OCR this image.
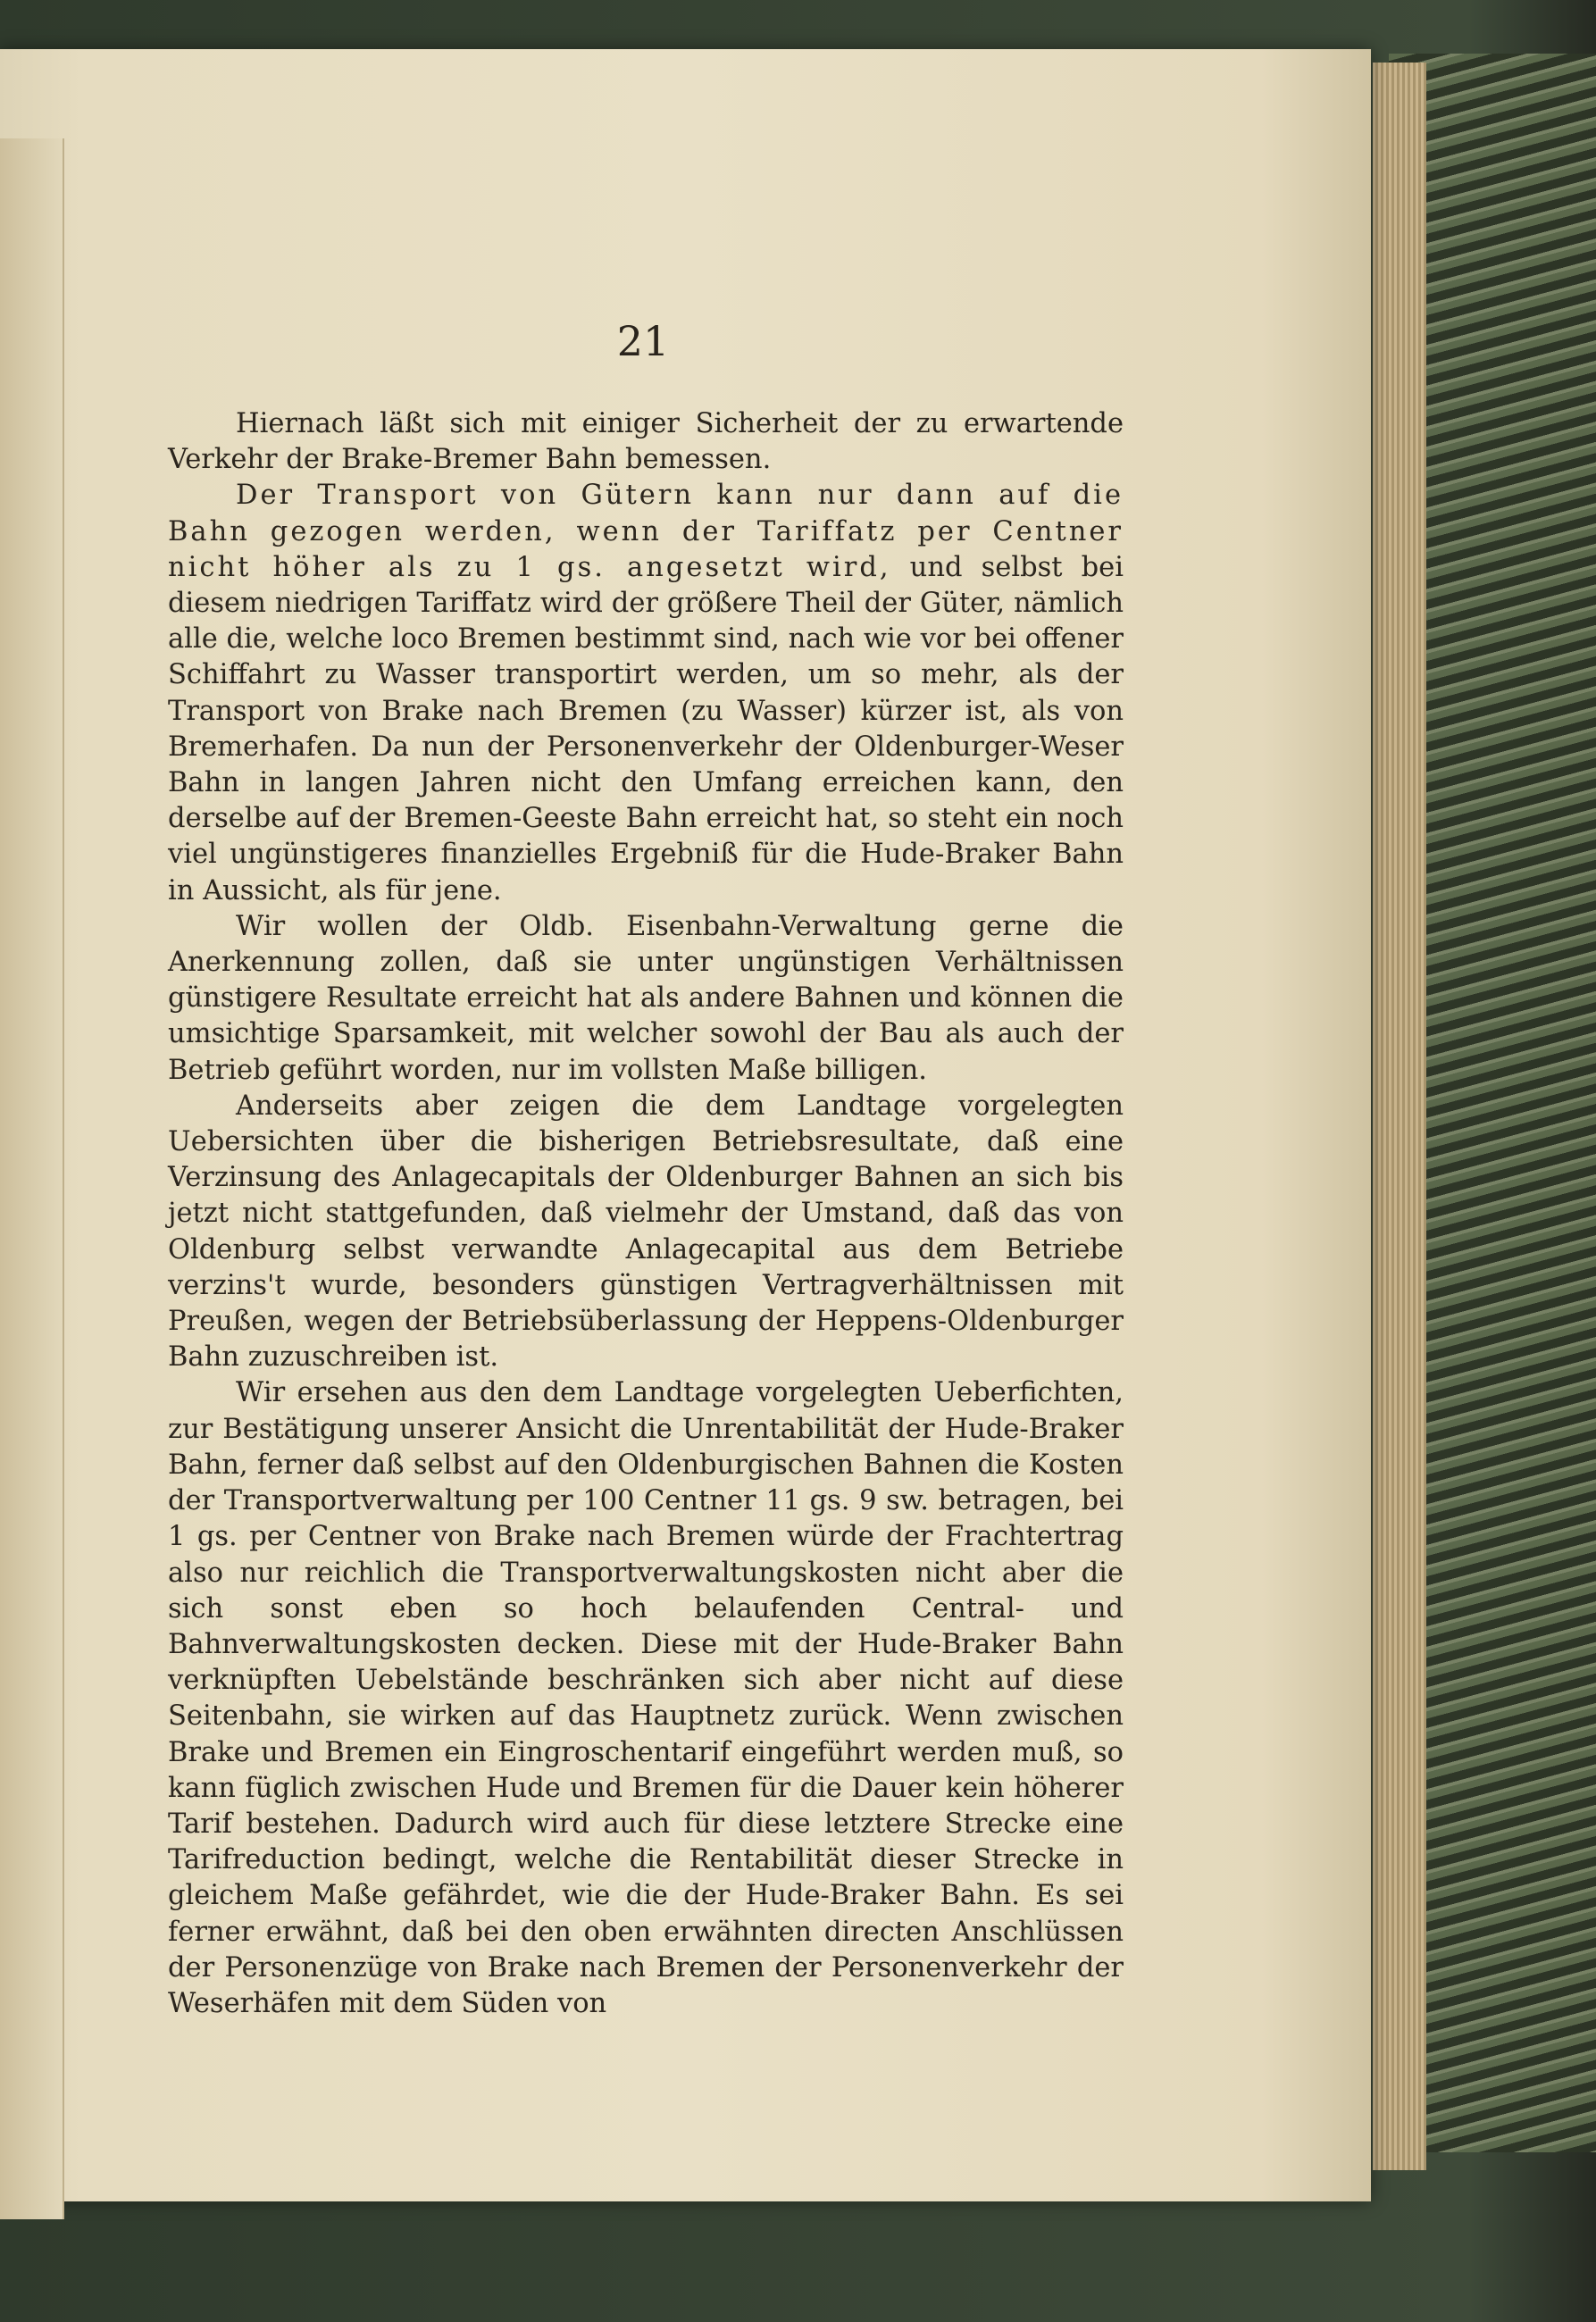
21

Hiernach läßt sich mit einiger Sicherheit der zu erwartende Verkehr der Brake-Bremer Bahn bemessen.

Der Transport von Gütern kann nur dann auf die Bahn gezogen werden, wenn der Tariffatz per Centner nicht höher als zu 1 gs. angesetzt wird, und selbst bei diesem niedrigen Tariffatz wird der größere Theil der Güter, nämlich alle die, welche loco Bremen bestimmt sind, nach wie vor bei offener Schiffahrt zu Wasser transportirt werden, um so mehr, als der Transport von Brake nach Bremen (zu Wasser) kürzer ist, als von Bremerhafen. Da nun der Personenverkehr der Oldenburger-Weser Bahn in langen Jahren nicht den Umfang erreichen kann, den derselbe auf der Bremen-Geeste Bahn erreicht hat, so steht ein noch viel ungünstigeres finanzielles Ergebniß für die Hude-Braker Bahn in Aussicht, als für jene.

Wir wollen der Oldb. Eisenbahn-Verwaltung gerne die Anerkennung zollen, daß sie unter ungünstigen Verhältnissen günstigere Resultate erreicht hat als andere Bahnen und können die umsichtige Sparsamkeit, mit welcher sowohl der Bau als auch der Betrieb geführt worden, nur im vollsten Maße billigen.

Anderseits aber zeigen die dem Landtage vorgelegten Uebersichten über die bisherigen Betriebsresultate, daß eine Verzinsung des Anlagecapitals der Oldenburger Bahnen an sich bis jetzt nicht stattgefunden, daß vielmehr der Umstand, daß das von Oldenburg selbst verwandte Anlagecapital aus dem Betriebe verzins't wurde, besonders günstigen Vertragverhältnissen mit Preußen, wegen der Betriebsüberlassung der Heppens-Oldenburger Bahn zuzuschreiben ist.

Wir ersehen aus den dem Landtage vorgelegten Ueberfichten, zur Bestätigung unserer Ansicht die Unrentabilität der Hude-Braker Bahn, ferner daß selbst auf den Oldenburgischen Bahnen die Kosten der Transportverwaltung per 100 Centner 11 gs. 9 sw. betragen, bei 1 gs. per Centner von Brake nach Bremen würde der Frachtertrag also nur reichlich die Transportverwaltungskosten nicht aber die sich sonst eben so hoch belaufenden Central- und Bahnverwaltungskosten decken. Diese mit der Hude-Braker Bahn verknüpften Uebelstände beschränken sich aber nicht auf diese Seitenbahn, sie wirken auf das Hauptnetz zurück. Wenn zwischen Brake und Bremen ein Eingroschentarif eingeführt werden muß, so kann füglich zwischen Hude und Bremen für die Dauer kein höherer Tarif bestehen. Dadurch wird auch für diese letztere Strecke eine Tarifreduction bedingt, welche die Rentabilität dieser Strecke in gleichem Maße gefährdet, wie die der Hude-Braker Bahn. Es sei ferner erwähnt, daß bei den oben erwähnten directen Anschlüssen der Personenzüge von Brake nach Bremen der Personenverkehr der Weserhäfen mit dem Süden von
